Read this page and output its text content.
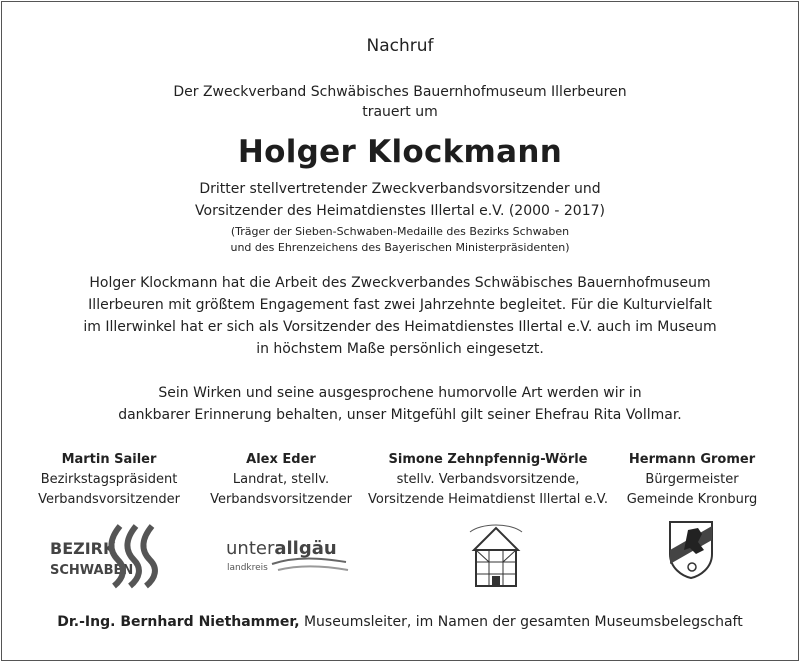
Nachruf
Der Zweckverband Schwäbisches Bauernhofmuseum Illerbeuren
trauert um
Holger Klockmann
Dritter stellvertretender Zweckverbandsvorsitzender und
Vorsitzender des Heimatdienstes Illertal e.V. (2000 - 2017)
(Träger der Sieben-Schwaben-Medaille des Bezirks Schwaben
und des Ehrenzeichens des Bayerischen Ministerpräsidenten)
Holger Klockmann hat die Arbeit des Zweckverbandes Schwäbisches Bauernhofmuseum
Illerbeuren mit größtem Engagement fast zwei Jahrzehnte begleitet. Für die Kulturvielfalt
im Illerwinkel hat er sich als Vorsitzender des Heimatdienstes Illertal e.V. auch im Museum
in höchstem Maße persönlich eingesetzt.
Sein Wirken und seine ausgesprochene humorvolle Art werden wir in
dankbarer Erinnerung behalten, unser Mitgefühl gilt seiner Ehefrau Rita Vollmar.
Martin Sailer
Bezirkstagspräsident
Verbandsvorsitzender
Alex Eder
Landrat, stellv.
Verbandsvorsitzender
Simone Zehnpfennig-Wörle
stellv. Verbandsvorsitzende,
Vorsitzende Heimatdienst Illertal e.V.
Hermann Gromer
Bürgermeister
Gemeinde Kronburg
BEZIRK
SCHWABEN
unterallgäu
landkreis
Dr.-Ing. Bernhard Niethammer, Museumsleiter, im Namen der gesamten Museumsbelegschaft
